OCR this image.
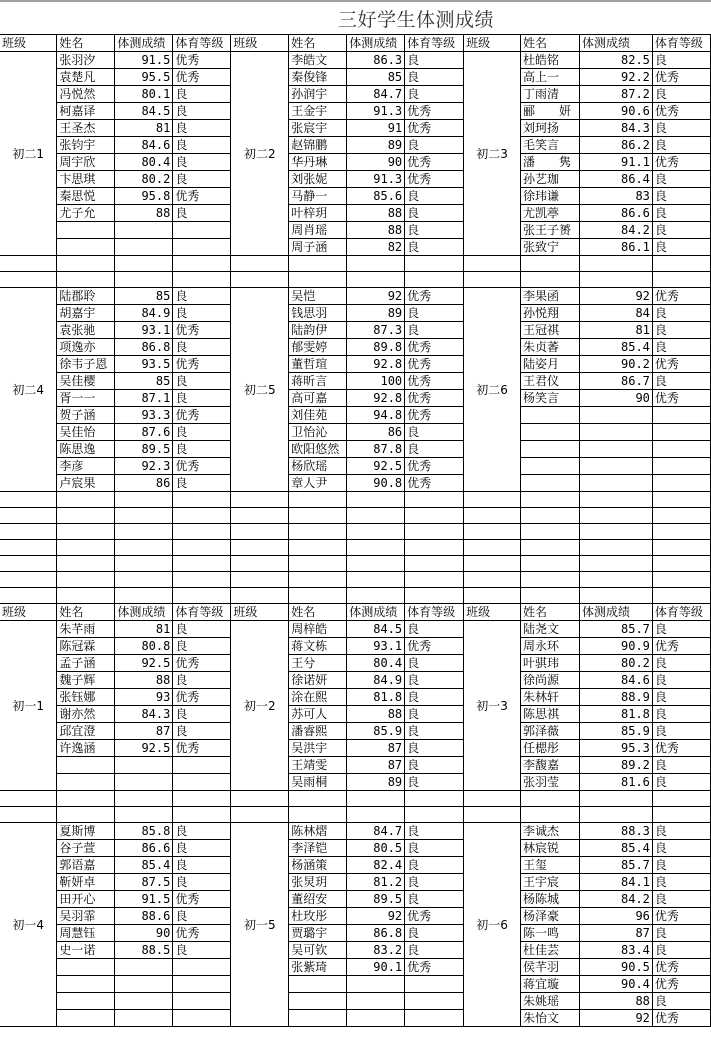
三好学生体测成绩
班级	姓名	体测成绩	体育等级	班级	姓名	体测成绩	体育等级	班级	姓名	体测成绩	体育等级
初二1	张羽汐	91.5	优秀	初二2	李皓文	86.3	良	初二3	杜皓铭	82.5	良
	袁楚凡	95.5	优秀		秦俊锋	85	良		高上一	92.2	优秀
	冯悦然	80.1	良		孙润宇	84.7	良		丁雨清	87.2	良
	柯嘉译	84.5	良		王金宇	91.3	优秀		郦　　妍	90.6	优秀
	王圣杰	81	良		张宸宇	91	优秀		刘珂扬	84.3	良
	张钧宇	84.6	良		赵锦鹏	89	良		毛笑言	86.2	良
	周宇欣	80.4	良		华丹琳	90	优秀		潘　　隽	91.1	优秀
	卞思琪	80.2	良		刘张妮	91.3	优秀		孙艺珈	86.4	良
	秦思悦	95.8	优秀		马静一	85.6	良		徐玮谦	83	良
	尤子允	88	良		叶梓玥	88	良		尤凯葶	86.6	良
					周肖瑶	88	良		张王子赟	84.2	良
					周子涵	82	良		张致宁	86.1	良

初二4	陆郡聆	85	良	初二5	吴恺	92	优秀	初二6	李果函	92	优秀
	胡嘉宇	84.9	良		钱思羽	89	良		孙悦翔	84	良
	袁张驰	93.1	优秀		陆韵伊	87.3	良		王冠祺	81	良
	项逸亦	86.8	良		郁雯婷	89.8	优秀		朱贞萫	85.4	良
	徐韦子恩	93.5	优秀		董哲瑄	92.8	优秀		陆姿月	90.2	优秀
	吴佳樱	85	良		蒋昕言	100	优秀		王君仪	86.7	良
	胥一一	87.1	良		高可嘉	92.8	优秀		杨笑言	90	优秀
	贺子涵	93.3	优秀		刘佳苑	94.8	优秀				
	吴佳怡	87.6	良		卫怡沁	86	良				
	陈思逸	89.5	良		欧阳悠然	87.8	良				
	李彦	92.3	优秀		杨欣瑶	92.5	优秀				
	卢宸果	86	良		章人尹	90.8	优秀				

班级	姓名	体测成绩	体育等级	班级	姓名	体测成绩	体育等级	班级	姓名	体测成绩	体育等级
初一1	朱芊雨	81	良	初一2	周梓皓	84.5	良	初一3	陆尧文	85.7	良
	陈冠霖	80.8	良		蒋文栋	93.1	优秀		周永环	90.9	优秀
	孟子涵	92.5	优秀		王兮	80.4	良		叶骐玮	80.2	良
	魏子辉	88	良		徐诺妍	84.9	良		徐尚源	84.6	良
	张钰娜	93	优秀		涂在熙	81.8	良		朱林轩	88.9	良
	谢亦然	84.3	良		苏可人	88	良		陈思祺	81.8	良
	邱宜澄	87	良		潘睿熙	85.9	良		郭泽薇	85.9	良
	许逸涵	92.5	优秀		吴洪宇	87	良		任楒彤	95.3	优秀
					王靖雯	87	良		李馥嘉	89.2	良
					吴雨桐	89	良		张羽莹	81.6	良

初一4	夏斯博	85.8	良	初一5	陈林熠	84.7	良	初一6	李诚杰	88.3	良
	谷子萱	86.6	良		李泽铠	80.5	良		林宸锐	85.4	良
	郭语嘉	85.4	良		杨涵策	82.4	良		王玺	85.7	良
	靳妍卓	87.5	良		张炅玥	81.2	良		王宇宸	84.1	良
	田开心	91.5	优秀		董绍安	89.5	良		杨陈城	84.2	良
	吴羽霏	88.6	良		杜玫彤	92	优秀		杨泽豪	96	优秀
	周慧钰	90	优秀		贾璐宇	86.8	良		陈一鸣	87	良
	史一诺	88.5	良		吴可钦	83.2	良		杜佳芸	83.4	良
					张紫琦	90.1	优秀		侯芊羽	90.5	优秀
									蒋宜璇	90.4	优秀
									朱姚瑶	88	良
									朱怡文	92	优秀
